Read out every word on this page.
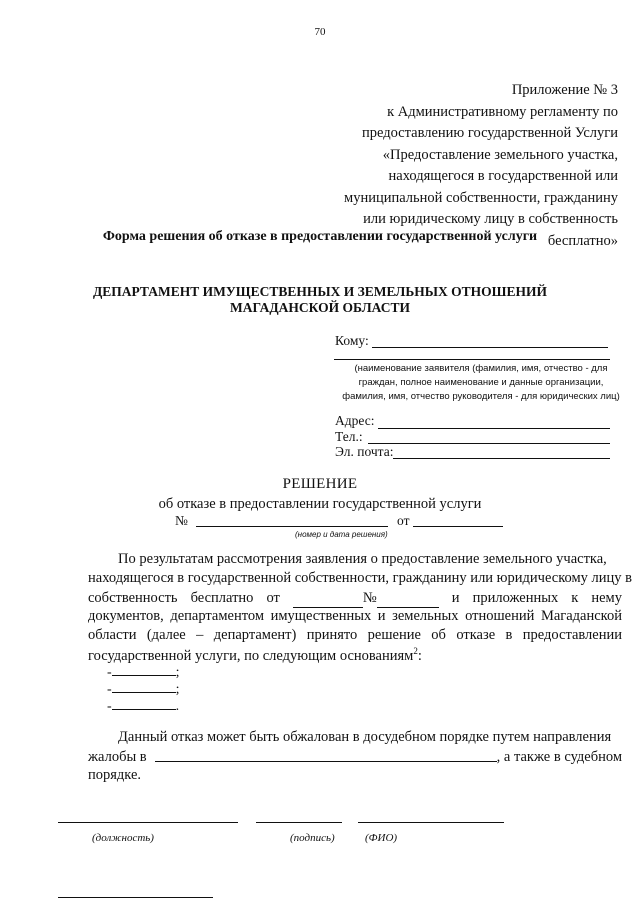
70
Приложение № 3
к Административному регламенту по
предоставлению государственной Услуги
«Предоставление земельного участка,
находящегося в государственной или
муниципальной собственности, гражданину
или юридическому лицу в собственность
бесплатно»
Форма решения об отказе в предоставлении государственной услуги
ДЕПАРТАМЕНТ ИМУЩЕСТВЕННЫХ И ЗЕМЕЛЬНЫХ ОТНОШЕНИЙ
МАГАДАНСКОЙ ОБЛАСТИ
Кому:
(наименование заявителя (фамилия, имя, отчество - для
граждан, полное наименование и данные организации,
фамилия, имя, отчество руководителя - для юридических лиц)
Адрес:
Тел.:
Эл. почта:
РЕШЕНИЕ
об отказе в предоставлении государственной услуги
№	от
(номер и дата решения)
По результатам рассмотрения заявления о предоставление земельного участка,
находящегося в государственной собственности, гражданину или юридическому лицу в
собственность бесплатно от	№	и приложенных к нему
документов, департаментом имущественных и земельных отношений Магаданской
области (далее – департамент) принято решение об отказе в предоставлении
государственной услуги, по следующим основаниям$^2$:
-	;
-	;
-	.
Данный отказ может быть обжалован в досудебном порядке путем направления
жалобы в	, а также в судебном
порядке.
(должность)	(подпись)	(ФИО)
